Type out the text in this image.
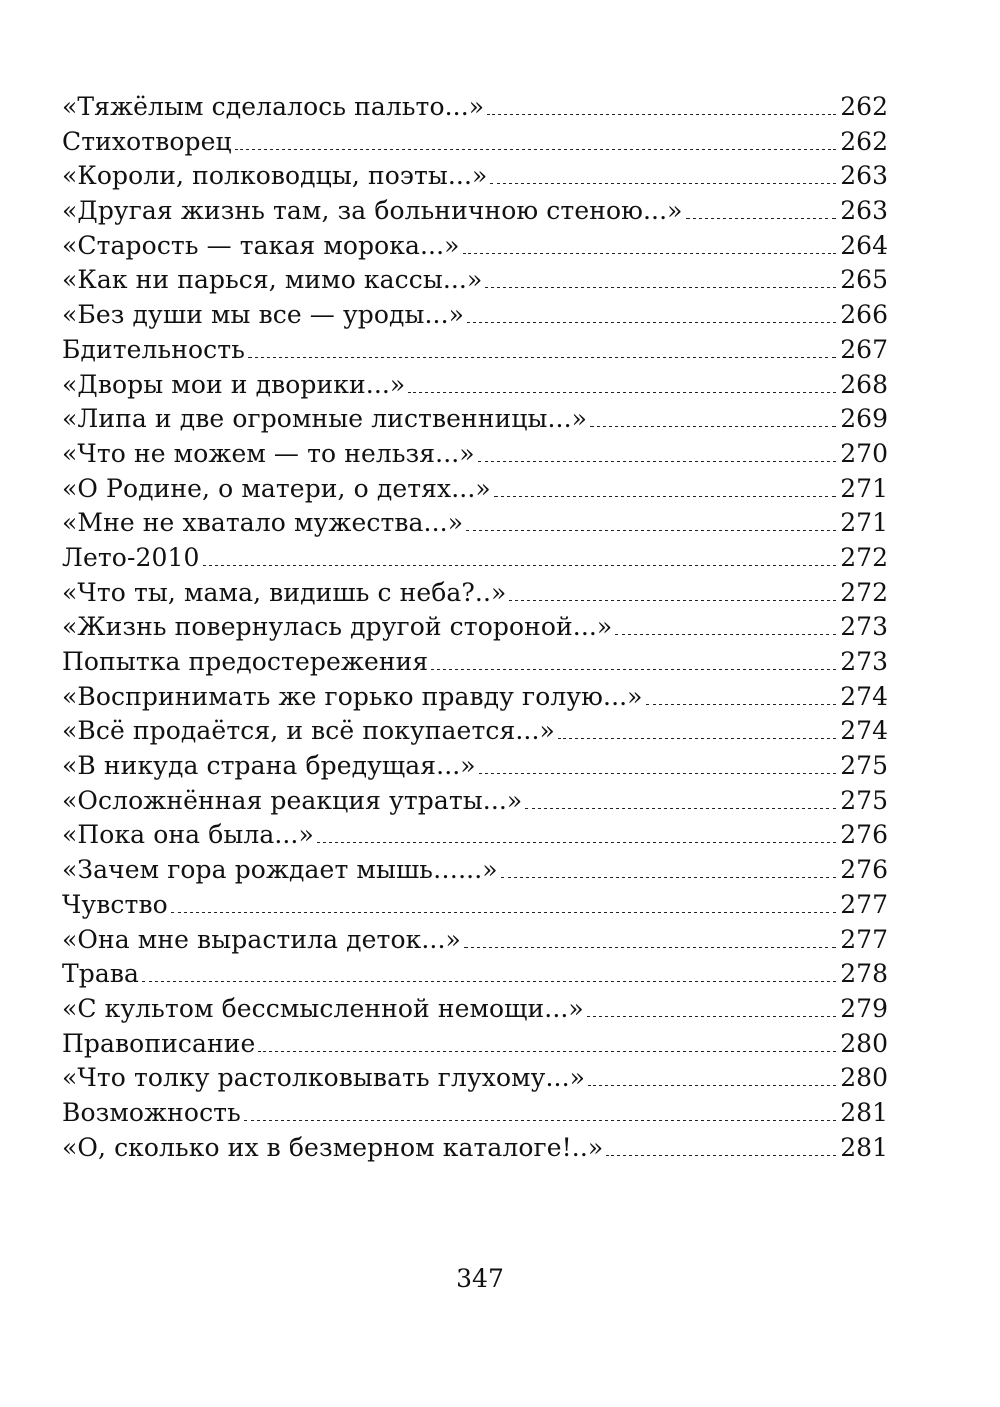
«Тяжёлым сделалось пальто...»	262
Стихотворец	262
«Короли, полководцы, поэты...»	263
«Другая жизнь там, за больничною стеною...»	263
«Старость — такая морока...»	264
«Как ни парься, мимо кассы...»	265
«Без души мы все — уроды...»	266
Бдительность	267
«Дворы мои и дворики...»	268
«Липа и две огромные лиственницы...»	269
«Что не можем — то нельзя...»	270
«О Родине, о матери, о детях...»	271
«Мне не хватало мужества...»	271
Лето-2010	272
«Что ты, мама, видишь с неба?..»	272
«Жизнь повернулась другой стороной...»	273
Попытка предостережения	273
«Воспринимать же горько правду голую...»	274
«Всё продаётся, и всё покупается...»	274
«В никуда страна бредущая...»	275
«Осложнённая реакция утраты...»	275
«Пока она была...»	276
«Зачем гора рождает мышь…...»	276
Чувство	277
«Она мне вырастила деток...»	277
Трава	278
«С культом бессмысленной немощи...»	279
Правописание	280
«Что толку растолковывать глухому...»	280
Возможность	281
«О, сколько их в безмерном каталоге!..»	281
347
